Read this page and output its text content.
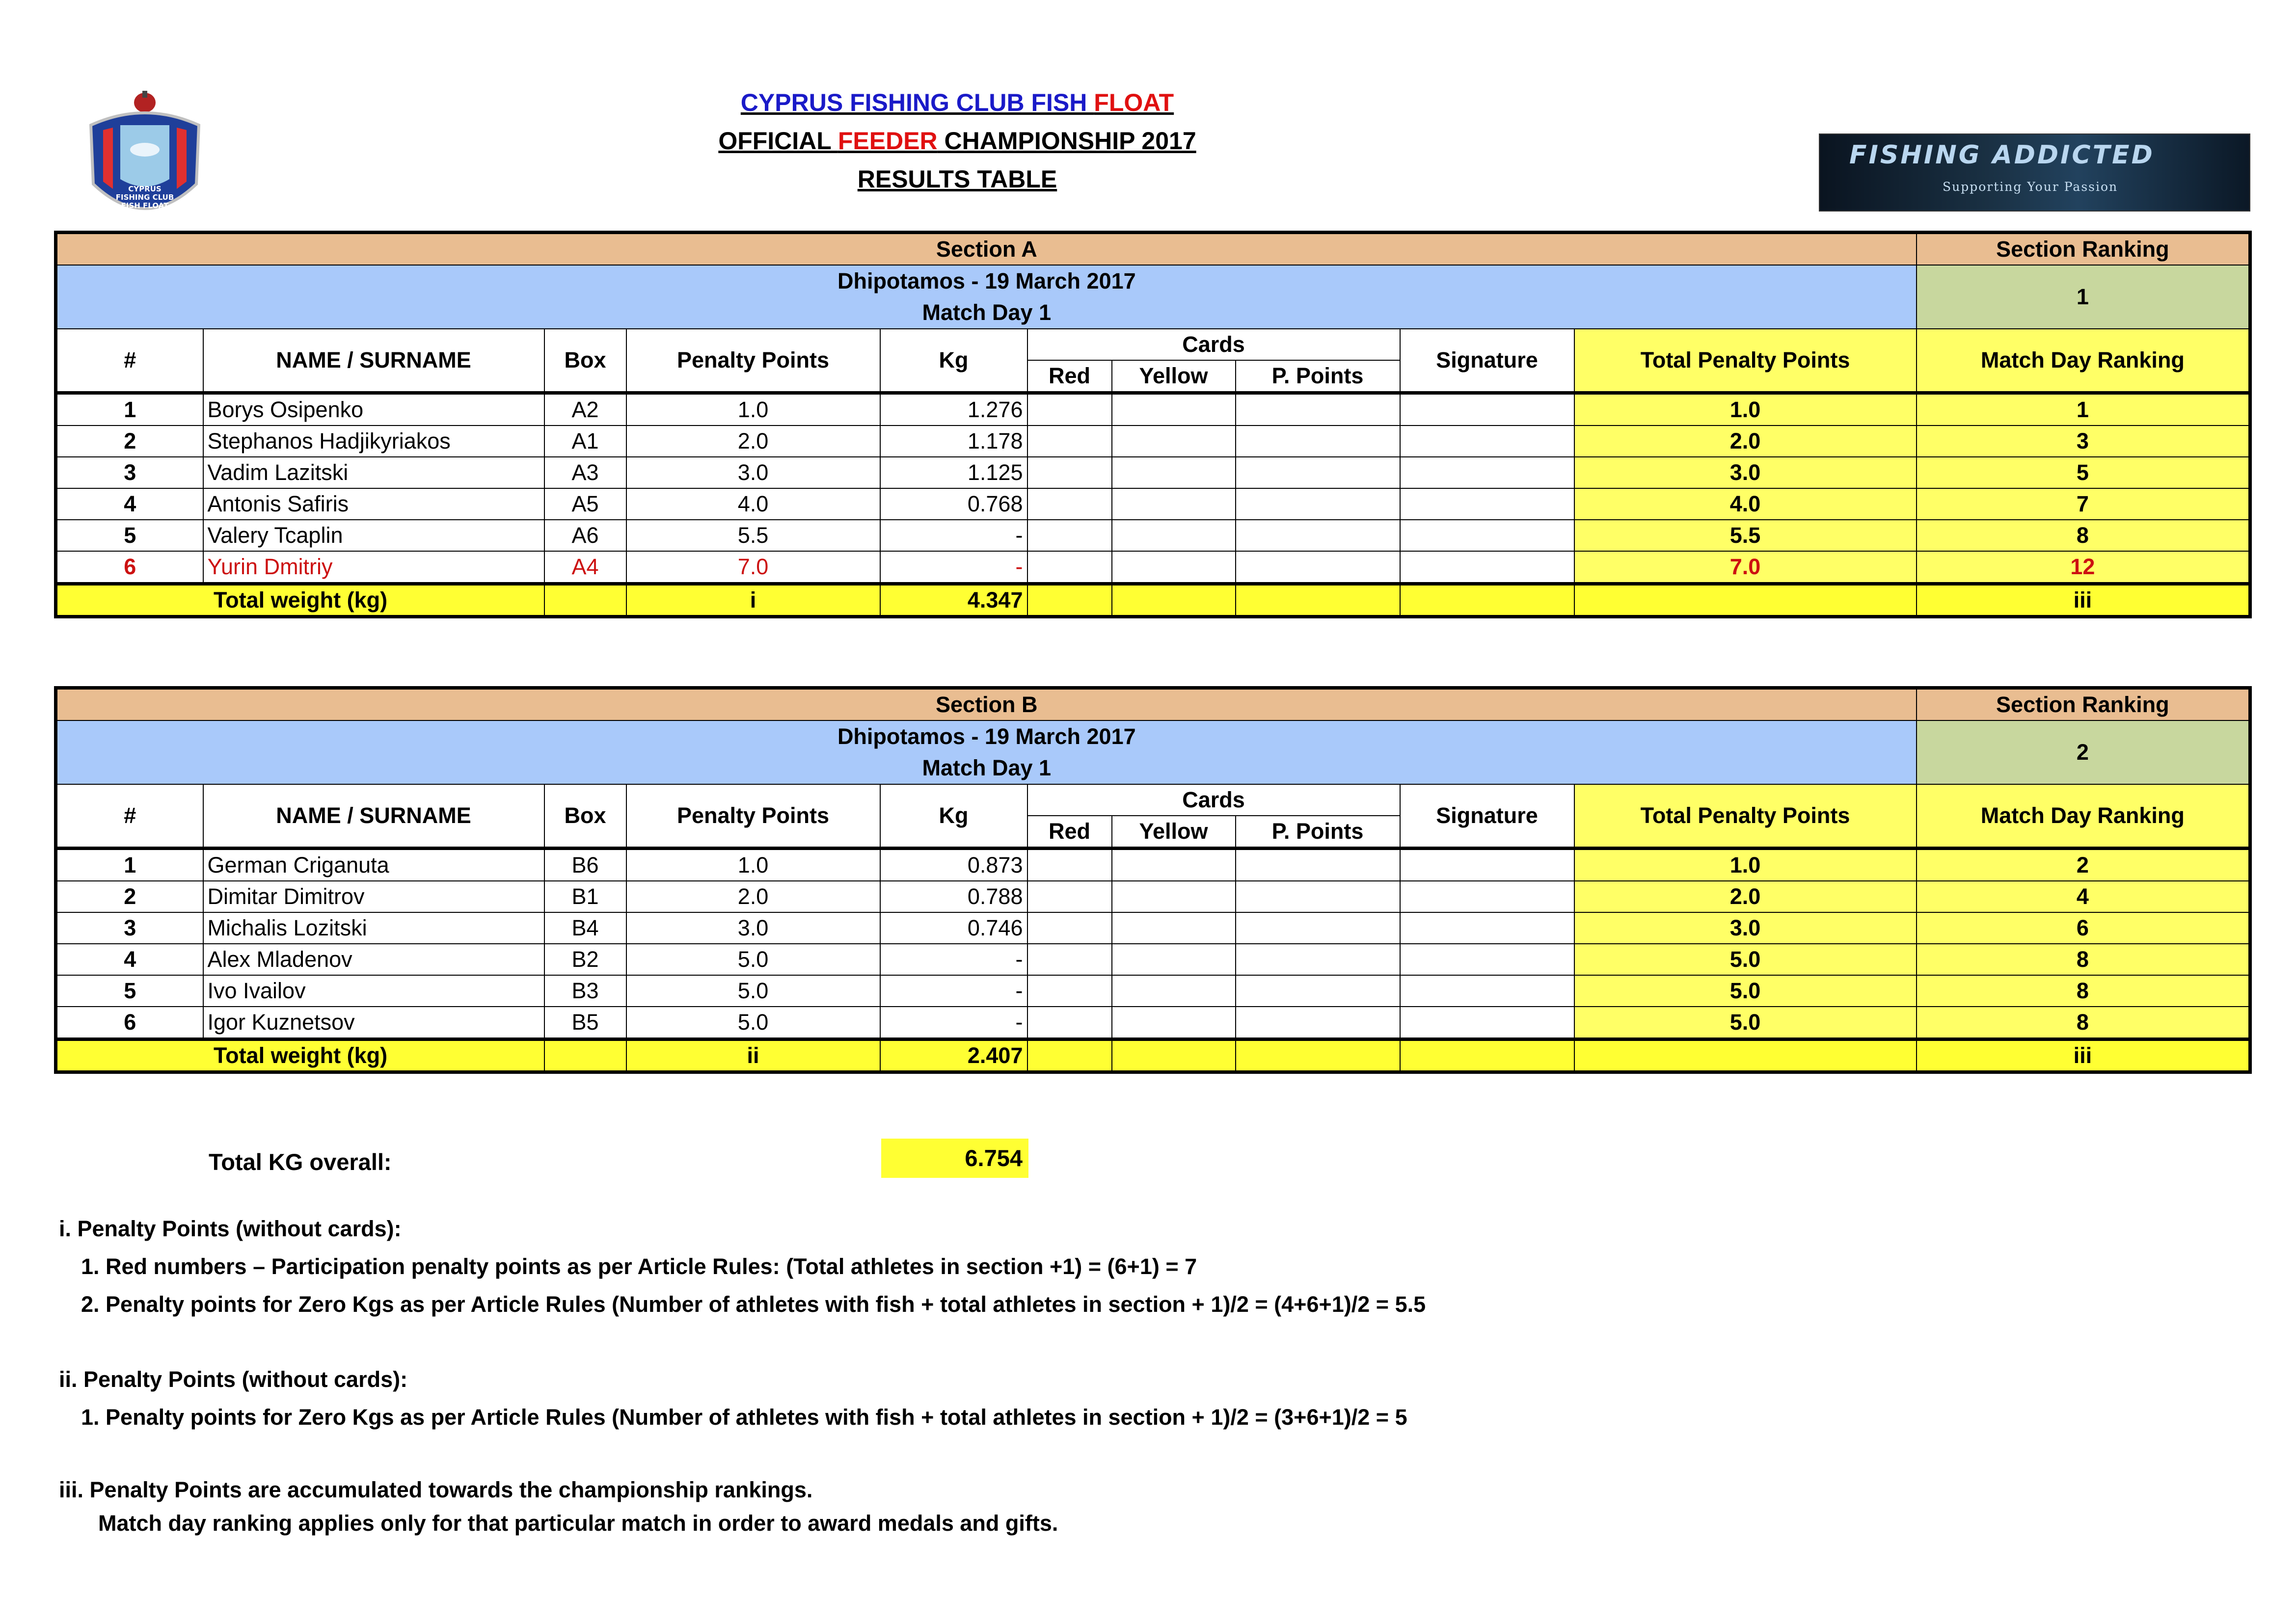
CYPRUS
FISHING CLUB
FISH FLOAT
2009
CYPRUS FISHING CLUB FISH FLOAT
OFFICIAL FEEDER CHAMPIONSHIP 2017
RESULTS TABLE
FISHING ADDICTED
Supporting Your Passion
Section A										Section Ranking

Dhipotamos - 19 March 2017
Match Day 1										1
#	NAME / SURNAME	Box	Penalty Points	Kg	Cards			Signature	Total Penalty Points	Match Day Ranking
					Red	Yellow	P. Points			
1	Borys Osipenko	A2	1.0	1.276					1.0	1
2	Stephanos Hadjikyriakos	A1	2.0	1.178					2.0	3
3	Vadim Lazitski	A3	3.0	1.125					3.0	5
4	Antonis Safiris	A5	4.0	0.768					4.0	7
5	Valery Tcaplin	A6	5.5	-					5.5	8
6	Yurin Dmitriy	A4	7.0	-					7.0	12
Total weight (kg)			i	4.347						iii
Section B										Section Ranking

Dhipotamos - 19 March 2017
Match Day 1										2
#	NAME / SURNAME	Box	Penalty Points	Kg	Cards			Signature	Total Penalty Points	Match Day Ranking
					Red	Yellow	P. Points			
1	German Criganuta	B6	1.0	0.873					1.0	2
2	Dimitar Dimitrov	B1	2.0	0.788					2.0	4
3	Michalis Lozitski	B4	3.0	0.746					3.0	6
4	Alex Mladenov	B2	5.0	-					5.0	8
5	Ivo Ivailov	B3	5.0	-					5.0	8
6	Igor Kuznetsov	B5	5.0	-					5.0	8
Total weight (kg)			ii	2.407						iii
Total KG overall:	6.754
i. Penalty Points (without cards):
1. Red numbers – Participation penalty points as per Article Rules: (Total athletes in section +1) = (6+1) = 7
2. Penalty points for Zero Kgs as per Article Rules (Number of athletes with fish + total athletes in section + 1)/2 = (4+6+1)/2 = 5.5
ii. Penalty Points (without cards):
1. Penalty points for Zero Kgs as per Article Rules (Number of athletes with fish + total athletes in section + 1)/2 = (3+6+1)/2 = 5
iii. Penalty Points are accumulated towards the championship rankings.
Match day ranking applies only for that particular match in order to award medals and gifts.
